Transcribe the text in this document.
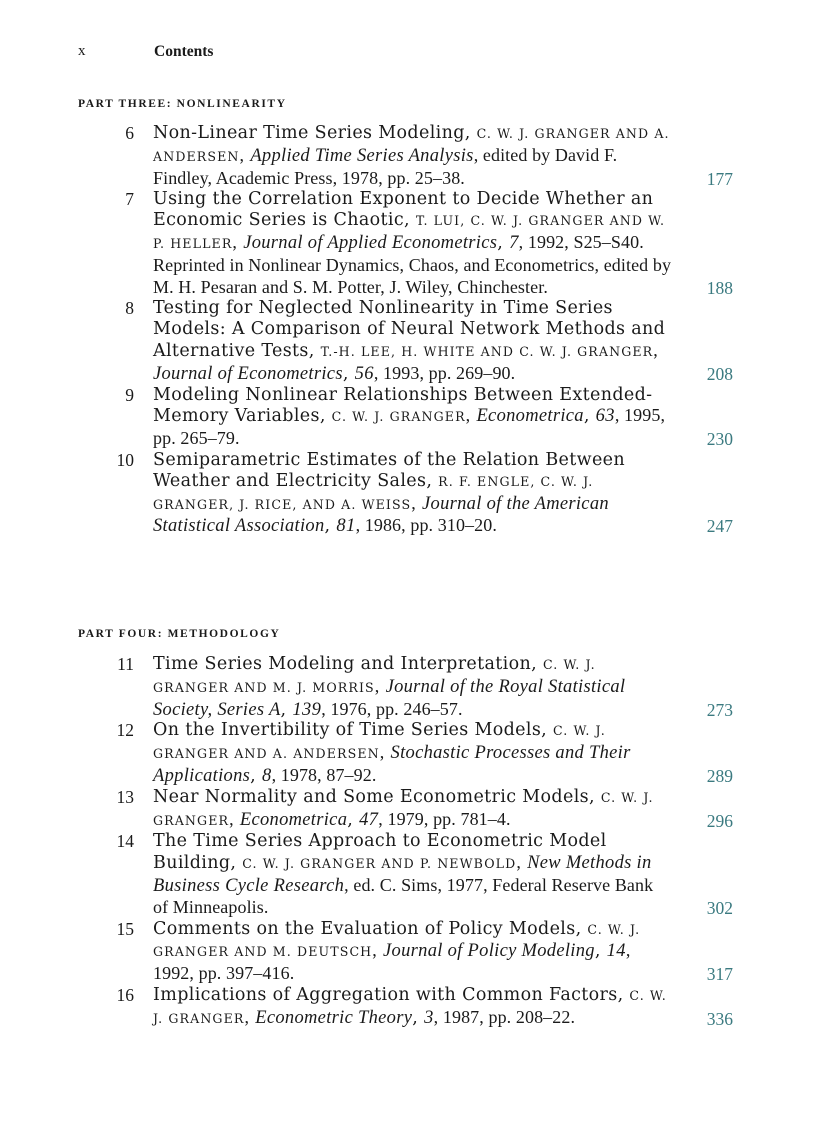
x	Contents
PART THREE: NONLINEARITY
6 Non-Linear Time Series Modeling, C. W. J. GRANGER AND A. ANDERSEN, Applied Time Series Analysis, edited by David F. Findley, Academic Press, 1978, pp. 25–38.	177
7 Using the Correlation Exponent to Decide Whether an Economic Series is Chaotic, T. LUI, C. W. J. GRANGER AND W. P. HELLER, Journal of Applied Econometrics, 7, 1992, S25–S40. Reprinted in Nonlinear Dynamics, Chaos, and Econometrics, edited by M. H. Pesaran and S. M. Potter, J. Wiley, Chinchester.	188
8 Testing for Neglected Nonlinearity in Time Series Models: A Comparison of Neural Network Methods and Alternative Tests, T.-H. LEE, H. WHITE AND C. W. J. GRANGER, Journal of Econometrics, 56, 1993, pp. 269–90.	208
9 Modeling Nonlinear Relationships Between Extended-Memory Variables, C. W. J. GRANGER, Econometrica, 63, 1995, pp. 265–79.	230
10 Semiparametric Estimates of the Relation Between Weather and Electricity Sales, R. F. ENGLE, C. W. J. GRANGER, J. RICE, AND A. WEISS, Journal of the American Statistical Association, 81, 1986, pp. 310–20.	247
PART FOUR: METHODOLOGY
11 Time Series Modeling and Interpretation, C. W. J. GRANGER AND M. J. MORRIS, Journal of the Royal Statistical Society, Series A, 139, 1976, pp. 246–57.	273
12 On the Invertibility of Time Series Models, C. W. J. GRANGER AND A. ANDERSEN, Stochastic Processes and Their Applications, 8, 1978, 87–92.	289
13 Near Normality and Some Econometric Models, C. W. J. GRANGER, Econometrica, 47, 1979, pp. 781–4.	296
14 The Time Series Approach to Econometric Model Building, C. W. J. GRANGER AND P. NEWBOLD, New Methods in Business Cycle Research, ed. C. Sims, 1977, Federal Reserve Bank of Minneapolis.	302
15 Comments on the Evaluation of Policy Models, C. W. J. GRANGER AND M. DEUTSCH, Journal of Policy Modeling, 14, 1992, pp. 397–416.	317
16 Implications of Aggregation with Common Factors, C. W. J. GRANGER, Econometric Theory, 3, 1987, pp. 208–22.	336
